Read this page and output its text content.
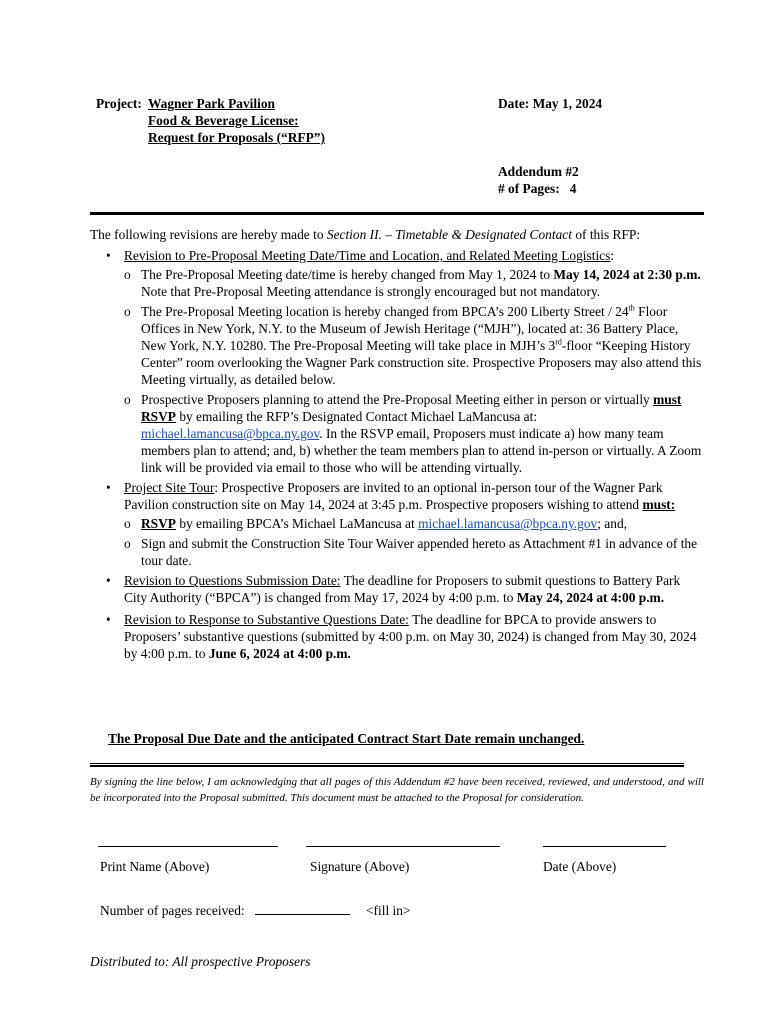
Project: Wagner Park Pavilion
Food & Beverage License:
Request for Proposals (“RFP”)
Date: May 1, 2024
Addendum #2
# of Pages:   4
The following revisions are hereby made to Section II. – Timetable & Designated Contact of this RFP:
• Revision to Pre-Proposal Meeting Date/Time and Location, and Related Meeting Logistics:
o The Pre-Proposal Meeting date/time is hereby changed from May 1, 2024 to May 14, 2024 at 2:30 p.m. Note that Pre-Proposal Meeting attendance is strongly encouraged but not mandatory.
o The Pre-Proposal Meeting location is hereby changed from BPCA’s 200 Liberty Street / 24th Floor Offices in New York, N.Y. to the Museum of Jewish Heritage (“MJH”), located at: 36 Battery Place, New York, N.Y. 10280. The Pre-Proposal Meeting will take place in MJH’s 3rd-floor “Keeping History Center” room overlooking the Wagner Park construction site. Prospective Proposers may also attend this Meeting virtually, as detailed below.
o Prospective Proposers planning to attend the Pre-Proposal Meeting either in person or virtually must RSVP by emailing the RFP’s Designated Contact Michael LaMancusa at: michael.lamancusa@bpca.ny.gov. In the RSVP email, Proposers must indicate a) how many team members plan to attend; and, b) whether the team members plan to attend in-person or virtually. A Zoom link will be provided via email to those who will be attending virtually.
• Project Site Tour: Prospective Proposers are invited to an optional in-person tour of the Wagner Park Pavilion construction site on May 14, 2024 at 3:45 p.m. Prospective proposers wishing to attend must:
o RSVP by emailing BPCA’s Michael LaMancusa at michael.lamancusa@bpca.ny.gov; and,
o Sign and submit the Construction Site Tour Waiver appended hereto as Attachment #1 in advance of the tour date.
• Revision to Questions Submission Date: The deadline for Proposers to submit questions to Battery Park City Authority (“BPCA”) is changed from May 17, 2024 by 4:00 p.m. to May 24, 2024 at 4:00 p.m.
• Revision to Response to Substantive Questions Date: The deadline for BPCA to provide answers to Proposers’ substantive questions (submitted by 4:00 p.m. on May 30, 2024) is changed from May 30, 2024 by 4:00 p.m. to June 6, 2024 at 4:00 p.m.
The Proposal Due Date and the anticipated Contract Start Date remain unchanged.
By signing the line below, I am acknowledging that all pages of this Addendum #2 have been received, reviewed, and understood, and will be incorporated into the Proposal submitted. This document must be attached to the Proposal for consideration.
Print Name (Above)	Signature (Above)	Date (Above)
Number of pages received:	<fill in>
Distributed to: All prospective Proposers
